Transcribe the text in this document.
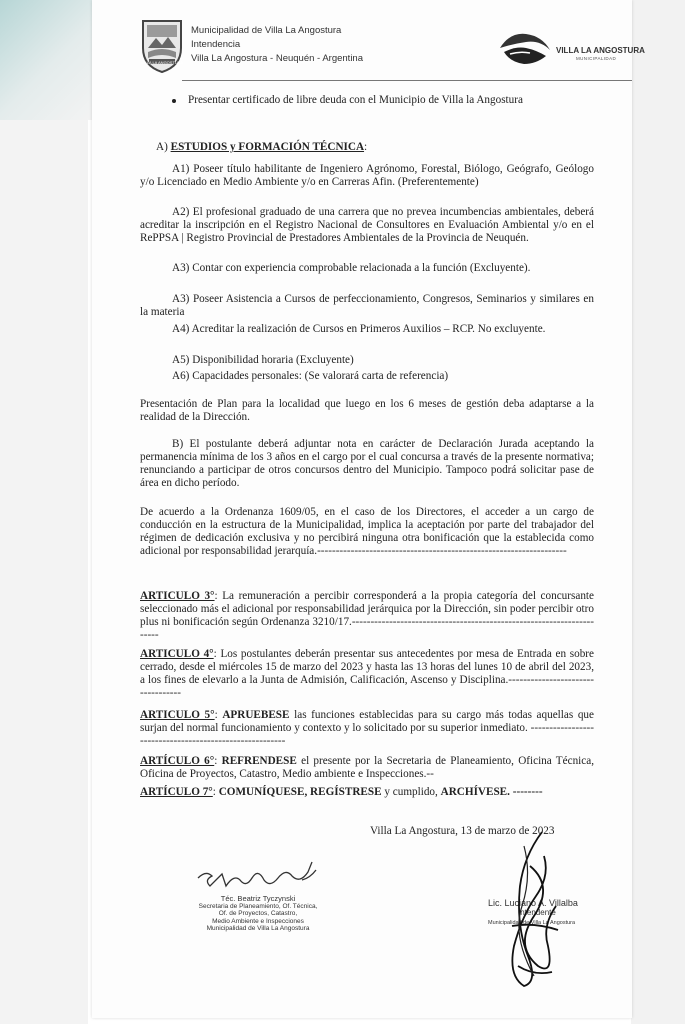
VILLA LA ANGOSTURA
Municipalidad de Villa La Angostura
Intendencia
Villa La Angostura - Neuquén - Argentina
VILLA LA ANGOSTURA
MUNICIPALIDAD

Presentar certificado de libre deuda con el Municipio de Villa la Angostura

A) ESTUDIOS y FORMACIÓN TÉCNICA:

A1) Poseer título habilitante de Ingeniero Agrónomo, Forestal, Biólogo, Geógrafo, Geólogo y/o Licenciado en Medio Ambiente y/o en Carreras Afin. (Preferentemente)

A2) El profesional graduado de una carrera que no prevea incumbencias ambientales, deberá acreditar la inscripción en el Registro Nacional de Consultores en Evaluación Ambiental y/o en el RePPSA | Registro Provincial de Prestadores Ambientales de la Provincia de Neuquén.

A3) Contar con experiencia comprobable relacionada a la función (Excluyente).

A3) Poseer Asistencia a Cursos de perfeccionamiento, Congresos, Seminarios y similares en la materia

A4) Acreditar la realización de Cursos en Primeros Auxilios – RCP. No excluyente.

A5) Disponibilidad horaria (Excluyente)

A6) Capacidades personales: (Se valorará carta de referencia)

Presentación de Plan para la localidad que luego en los 6 meses de gestión deba adaptarse a la realidad de la Dirección.

B) El postulante deberá adjuntar nota en carácter de Declaración Jurada aceptando la permanencia mínima de los 3 años en el cargo por el cual concursa a través de la presente normativa; renunciando a participar de otros concursos dentro del Municipio. Tampoco podrá solicitar pase de área en dicho período.

De acuerdo a la Ordenanza 1609/05, en el caso de los Directores, el acceder a un cargo de conducción en la estructura de la Municipalidad, implica la aceptación por parte del trabajador del régimen de dedicación exclusiva y no percibirá ninguna otra bonificación que la establecida como adicional por responsabilidad jerarquía.-------------------------------------------------------------------

ARTICULO 3°: La remuneración a percibir corresponderá a la propia categoría del concursante seleccionado más el adicional por responsabilidad jerárquica por la Dirección, sin poder percibir otro plus ni bonificación según Ordenanza 3210/17.----------------------------------------------------------------------

ARTICULO 4°: Los postulantes deberán presentar sus antecedentes por mesa de Entrada en sobre cerrado, desde el miércoles 15 de marzo del 2023 y hasta las 13 horas del lunes 10 de abril del 2023, a los fines de elevarlo a la Junta de Admisión, Calificación, Ascenso y Disciplina.----------------------------------

ARTICULO 5°: APRUEBESE las funciones establecidas para su cargo más todas aquellas que surjan del normal funcionamiento y contexto y lo solicitado por su superior inmediato. --------------------------------------------------------

ARTÍCULO 6°: REFRENDESE el presente por la Secretaria de Planeamiento, Oficina Técnica, Oficina de Proyectos, Catastro, Medio ambiente e Inspecciones.--

ARTÍCULO 7°: COMUNÍQUESE, REGÍSTRESE y cumplido, ARCHÍVESE. --------

Villa La Angostura, 13 de marzo de 2023

Téc. Beatriz Tyczynski
Secretaria de Planeamiento, Of. Técnica,
Of. de Proyectos, Catastro,
Medio Ambiente e Inspecciones
Municipalidad de Villa La Angostura
Lic. Luciano A. Villalba
Intendente
Municipalidad de Villa La Angostura
